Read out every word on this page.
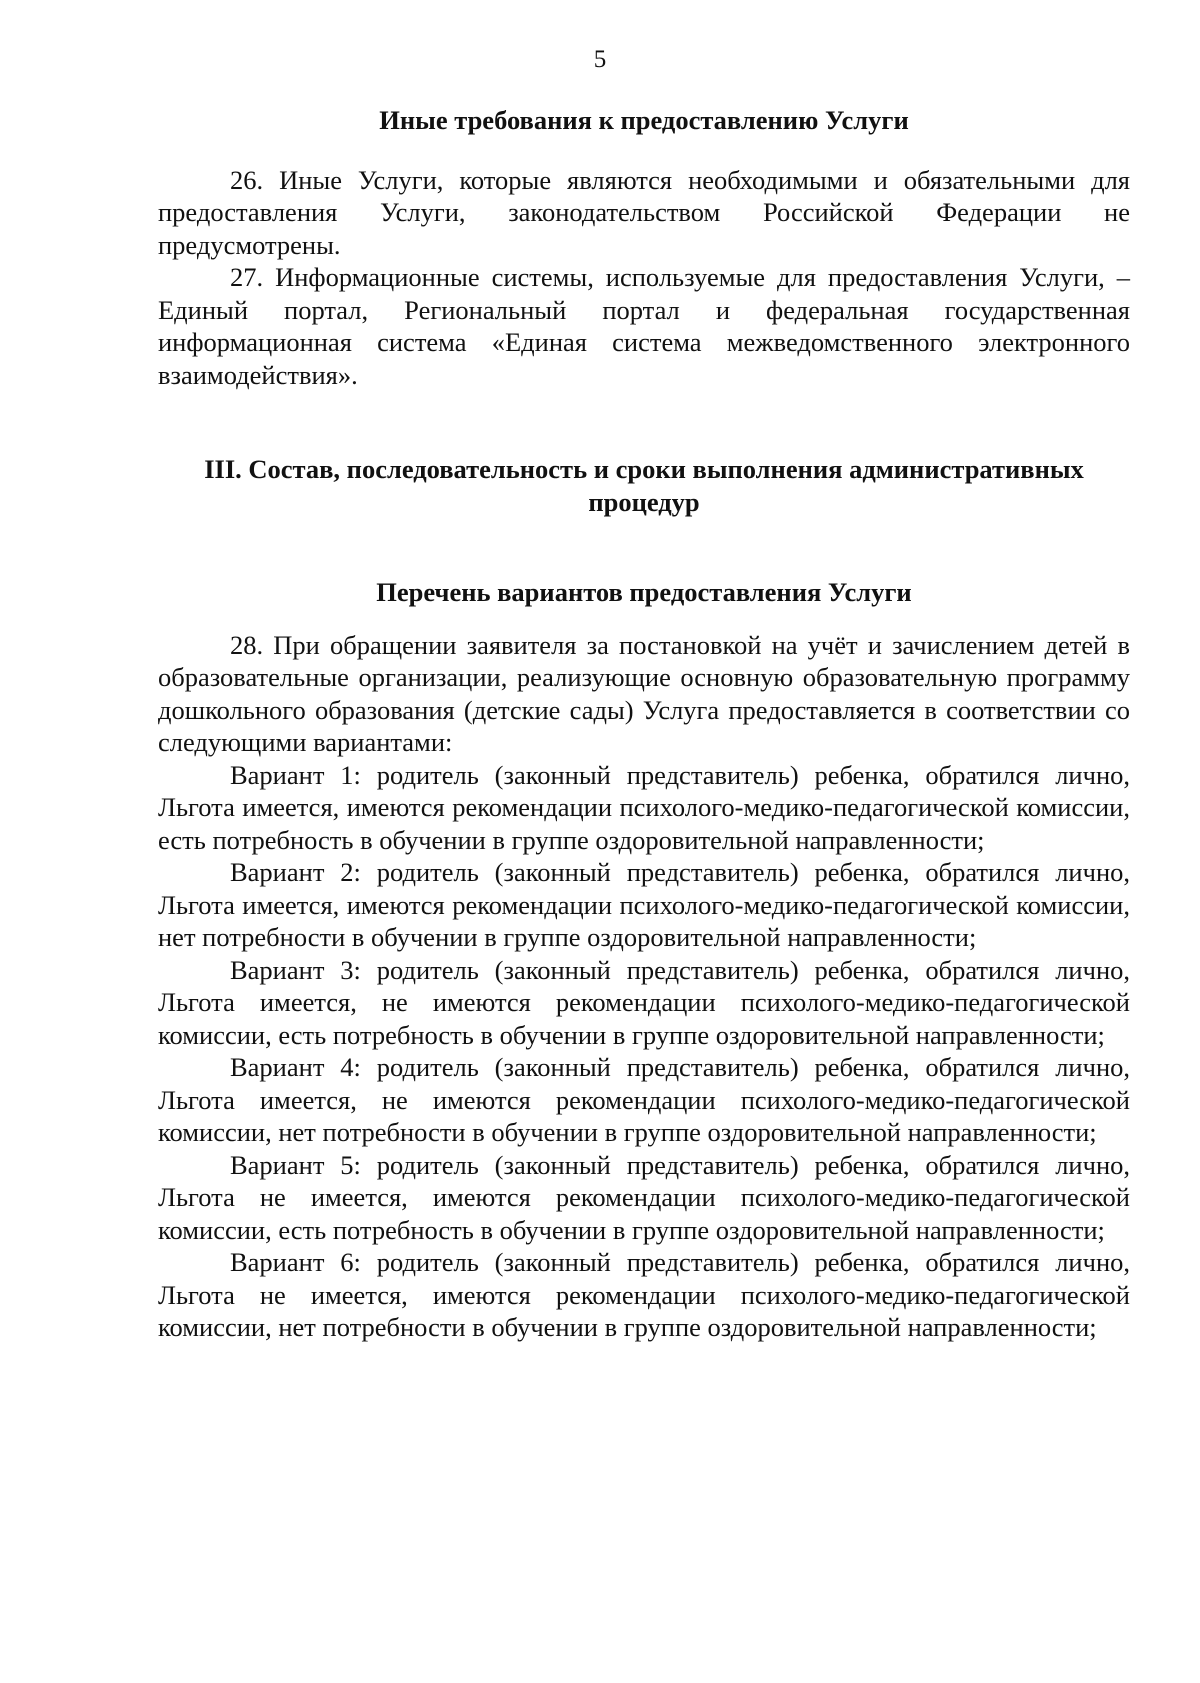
5

Иные требования к предоставлению Услуги

26. Иные Услуги, которые являются необходимыми и обязательными для предоставления Услуги, законодательством Российской Федерации не предусмотрены.

27. Информационные системы, используемые для предоставления Услуги, – Единый портал, Региональный портал и федеральная государственная информационная система «Единая система межведомственного электронного взаимодействия».

III. Состав, последовательность и сроки выполнения административных

процедур

Перечень вариантов предоставления Услуги

28. При обращении заявителя за постановкой на учёт и зачислением детей в образовательные организации, реализующие основную образовательную программу дошкольного образования (детские сады) Услуга предоставляется в соответствии со следующими вариантами:

Вариант 1: родитель (законный представитель) ребенка, обратился лично, Льгота имеется, имеются рекомендации психолого-медико-педагогической комиссии, есть потребность в обучении в группе оздоровительной направленности;

Вариант 2: родитель (законный представитель) ребенка, обратился лично, Льгота имеется, имеются рекомендации психолого-медико-педагогической комиссии, нет потребности в обучении в группе оздоровительной направленности;

Вариант 3: родитель (законный представитель) ребенка, обратился лично, Льгота имеется, не имеются рекомендации психолого-медико-педагогической комиссии, есть потребность в обучении в группе оздоровительной направленности;

Вариант 4: родитель (законный представитель) ребенка, обратился лично, Льгота имеется, не имеются рекомендации психолого-медико-педагогической комиссии, нет потребности в обучении в группе оздоровительной направленности;

Вариант 5: родитель (законный представитель) ребенка, обратился лично, Льгота не имеется, имеются рекомендации психолого-медико-педагогической комиссии, есть потребность в обучении в группе оздоровительной направленности;

Вариант 6: родитель (законный представитель) ребенка, обратился лично, Льгота не имеется, имеются рекомендации психолого-медико-педагогической комиссии, нет потребности в обучении в группе оздоровительной направленности;
